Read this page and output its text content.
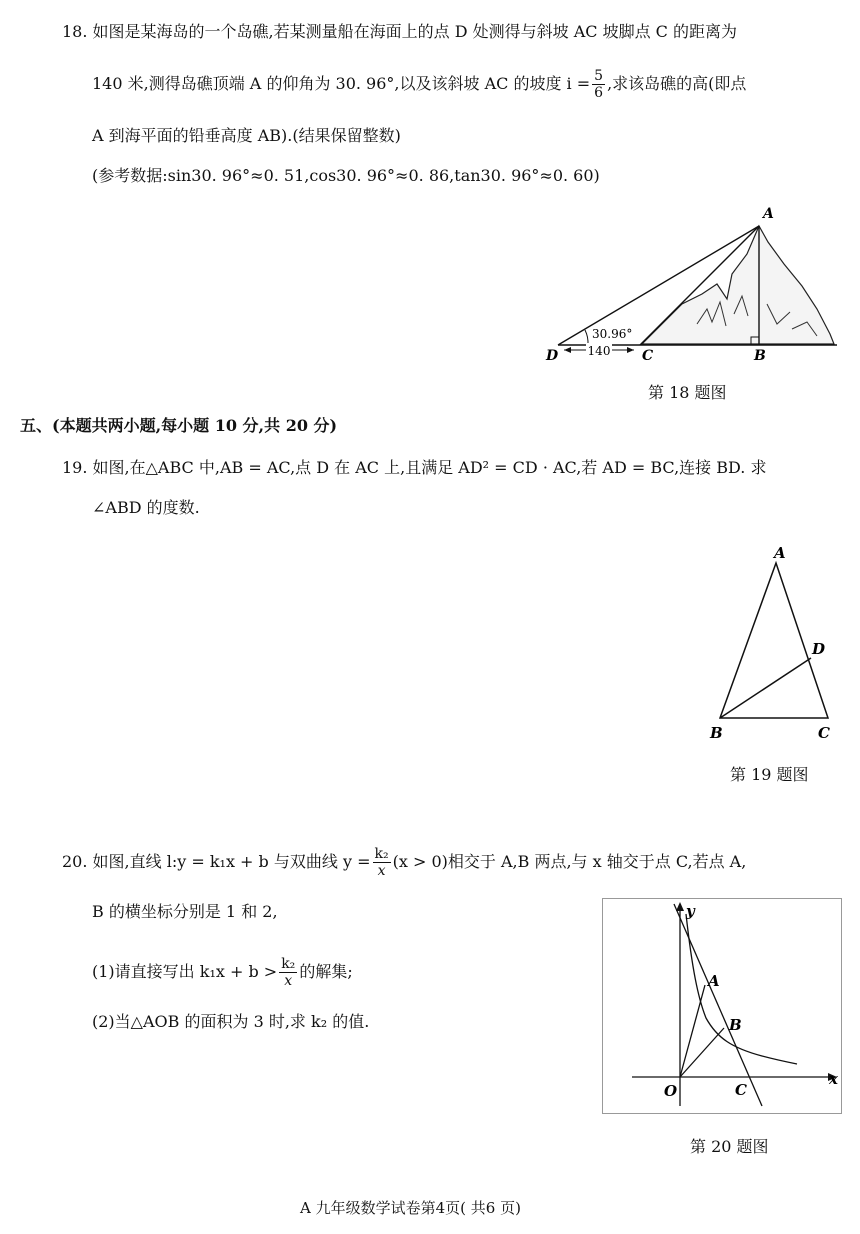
18. 如图是某海岛的一个岛礁,若某测量船在海面上的点 D 处测得与斜坡 AC 坡脚点 C 的距离为
140 米,测得岛礁顶端 A 的仰角为 30. 96°,以及该斜坡 AC 的坡度 $i = \frac{5}{6}$ ,求该岛礁的高(即点
A 到海平面的铅垂高度 AB).(结果保留整数)
(参考数据:sin30. 96°≈0. 51,cos30. 96°≈0. 86,tan30. 96°≈0. 60)
140
30.96°
A
B
C
D
第 18 题图
五、(本题共两小题,每小题 10 分,共 20 分)
19. 如图,在△ABC 中,AB = AC,点 D 在 AC 上,且满足 AD² = CD · AC,若 AD = BC,连接 BD. 求
∠ABD 的度数.
A
B	C
D
第 19 题图
20. 如图,直线 l:y = k₁x + b 与双曲线 $y = \frac{\text{k₂}}{x} (x > 0)$相交于 A,B 两点,与 x 轴交于点 C,若点 A,
B 的横坐标分别是 1 和 2,
(1)请直接写出 $k_1x + b > \frac{\text{k₂}}{x}$ 的解集;
(2)当△AOB 的面积为 3 时,求 k₂ 的值.
y
x
O
A
B
C
第 20 题图
A 九年级数学试卷第4页( 共6 页)
